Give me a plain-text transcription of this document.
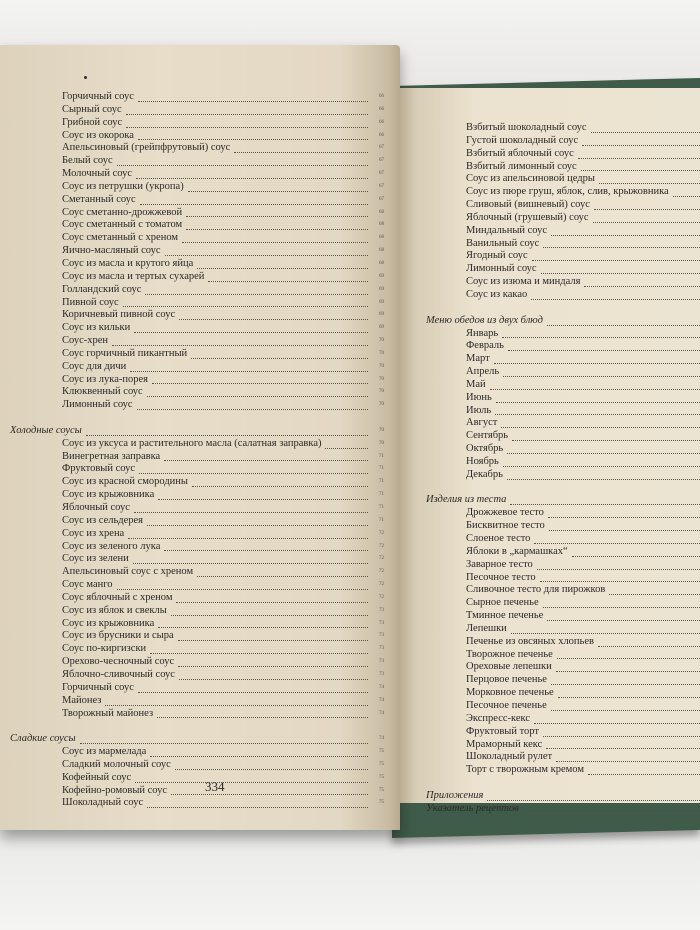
Горчичный соус	66
Сырный соус	66
Грибной соус	66
Соус из окорока	66
Апельсиновый (грейпфрутовый) соус	67
Белый соус	67
Молочный соус	67
Соус из петрушки (укропа)	67
Сметанный соус	67
Соус сметанно-дрожжевой	68
Соус сметанный с томатом	68
Соус сметанный с хреном	68
Яично-масляный соус	68
Соус из масла и крутого яйца	68
Соус из масла и тертых сухарей	69
Голландский соус	69
Пивной соус	69
Коричневый пивной соус	69
Соус из кильки	69
Соус-хрен	70
Соус горчичный пикантный	70
Соус для дичи	70
Соус из лука-порея	70
Клюквенный соус	70
Лимонный соус	70
Холодные соусы	70
Соус из уксуса и растительного масла (салатная заправка)	70
Винегретная заправка	71
Фруктовый соус	71
Соус из красной смородины	71
Соус из крыжовника	71
Яблочный соус	71
Соус из сельдерея	71
Соус из хрена	72
Соус из зеленого лука	72
Соус из зелени	72
Апельсиновый соус с хреном	72
Соус манго	72
Соус яблочный с хреном	72
Соус из яблок и свеклы	73
Соус из крыжовника	73
Соус из брусники и сыра	73
Соус по-киргизски	73
Орехово-чесночный соус	73
Яблочно-сливочный соус	73
Горчичный соус	74
Майонез	74
Творожный майонез	74
Сладкие соусы	74
Соус из мармелада	75
Сладкий молочный соус	75
Кофейный соус	75
Кофейно-ромовый соус	75
Шоколадный соус	75
334
Взбитый шоколадный соус
Густой шоколадный соус
Взбитый яблочный соус
Взбитый лимонный соус
Соус из апельсиновой цедры
Соус из пюре груш, яблок, слив, крыжовника
Сливовый (вишневый) соус
Яблочный (грушевый) соус
Миндальный соус
Ванильный соус
Ягодный соус
Лимонный соус
Соус из изюма и миндаля
Соус из какао
Меню обедов из двух блюд
Январь
Февраль
Март
Апрель
Май
Июнь
Июль
Август
Сентябрь
Октябрь
Ноябрь
Декабрь
Изделия из теста
Дрожжевое тесто
Бисквитное тесто
Слоеное тесто
Яблоки в „кармашках“
Заварное тесто
Песочное тесто
Сливочное тесто для пирожков
Сырное печенье
Тминное печенье
Лепешки
Печенье из овсяных хлопьев
Творожное печенье
Ореховые лепешки
Перцовое печенье
Морковное печенье
Песочное печенье
Экспресс-кекс
Фруктовый торт
Мраморный кекс
Шоколадный рулет
Торт с творожным кремом
Приложения
Указатель рецептов
